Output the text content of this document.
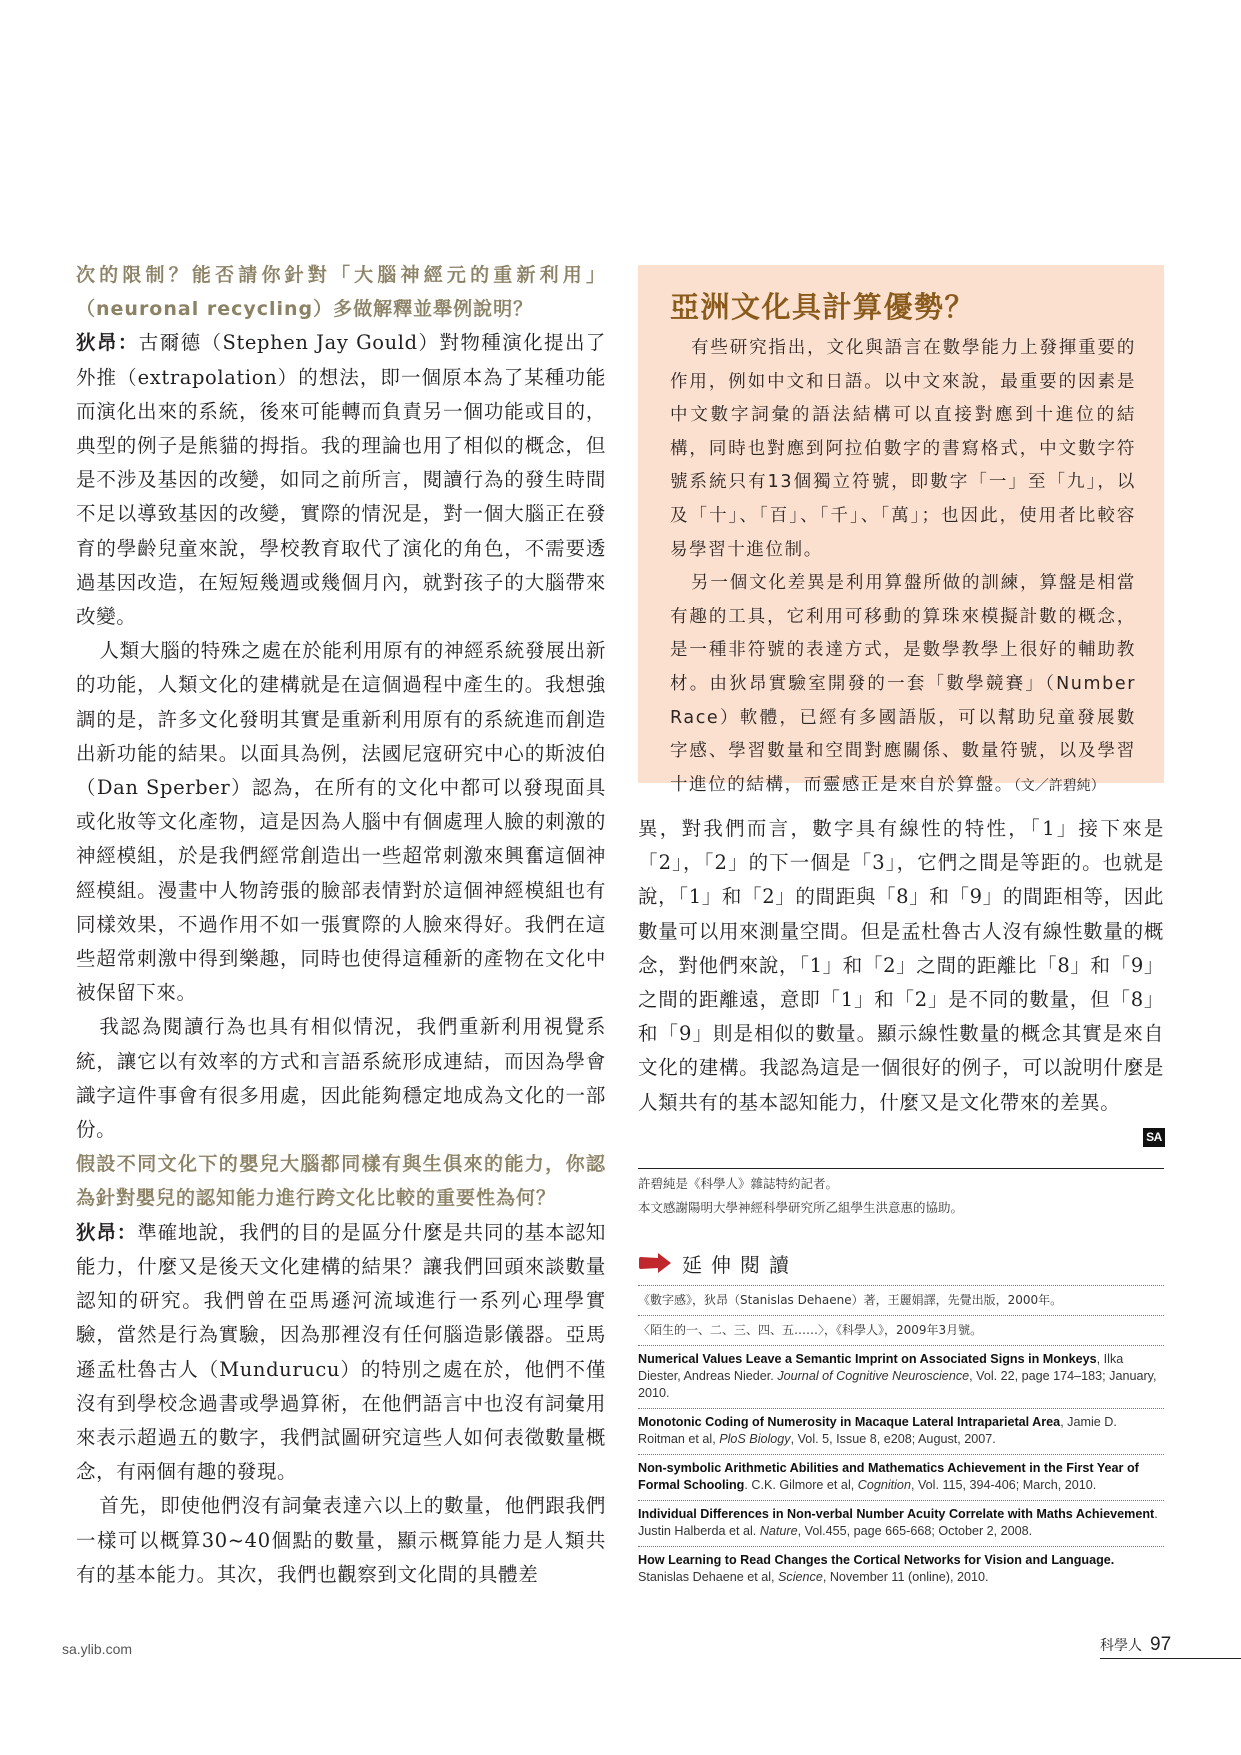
次的限制？能否請你針對「大腦神經元的重新利用」（neuronal recycling）多做解釋並舉例說明？

狄昂：古爾德（Stephen Jay Gould）對物種演化提出了外推（extrapolation）的想法，即一個原本為了某種功能而演化出來的系統，後來可能轉而負責另一個功能或目的，典型的例子是熊貓的拇指。我的理論也用了相似的概念，但是不涉及基因的改變，如同之前所言，閱讀行為的發生時間不足以導致基因的改變，實際的情況是，對一個大腦正在發育的學齡兒童來說，學校教育取代了演化的角色，不需要透過基因改造，在短短幾週或幾個月內，就對孩子的大腦帶來改變。

人類大腦的特殊之處在於能利用原有的神經系統發展出新的功能，人類文化的建構就是在這個過程中產生的。我想強調的是，許多文化發明其實是重新利用原有的系統進而創造出新功能的結果。以面具為例，法國尼寇研究中心的斯波伯（Dan Sperber）認為，在所有的文化中都可以發現面具或化妝等文化產物，這是因為人腦中有個處理人臉的刺激的神經模組，於是我們經常創造出一些超常刺激來興奮這個神經模組。漫畫中人物誇張的臉部表情對於這個神經模組也有同樣效果，不過作用不如一張實際的人臉來得好。我們在這些超常刺激中得到樂趣，同時也使得這種新的產物在文化中被保留下來。

我認為閱讀行為也具有相似情況，我們重新利用視覺系統，讓它以有效率的方式和言語系統形成連結，而因為學會識字這件事會有很多用處，因此能夠穩定地成為文化的一部份。

假設不同文化下的嬰兒大腦都同樣有與生俱來的能力，你認為針對嬰兒的認知能力進行跨文化比較的重要性為何？

狄昂：準確地說，我們的目的是區分什麼是共同的基本認知能力，什麼又是後天文化建構的結果？讓我們回頭來談數量認知的研究。我們曾在亞馬遜河流域進行一系列心理學實驗，當然是行為實驗，因為那裡沒有任何腦造影儀器。亞馬遜孟杜魯古人（Mundurucu）的特別之處在於，他們不僅沒有到學校念過書或學過算術，在他們語言中也沒有詞彙用來表示超過五的數字，我們試圖研究這些人如何表徵數量概念，有兩個有趣的發現。

首先，即使他們沒有詞彙表達六以上的數量，他們跟我們一樣可以概算30~40個點的數量，顯示概算能力是人類共有的基本能力。其次，我們也觀察到文化間的具體差

亞洲文化具計算優勢？

有些研究指出，文化與語言在數學能力上發揮重要的作用，例如中文和日語。以中文來說，最重要的因素是中文數字詞彙的語法結構可以直接對應到十進位的結構，同時也對應到阿拉伯數字的書寫格式，中文數字符號系統只有13個獨立符號，即數字「一」至「九」，以及「十」、「百」、「千」、「萬」；也因此，使用者比較容易學習十進位制。

另一個文化差異是利用算盤所做的訓練，算盤是相當有趣的工具，它利用可移動的算珠來模擬計數的概念，是一種非符號的表達方式，是數學教學上很好的輔助教材。由狄昂實驗室開發的一套「數學競賽」（Number Race）軟體，已經有多國語版，可以幫助兒童發展數字感、學習數量和空間對應關係、數量符號，以及學習十進位的結構，而靈感正是來自於算盤。（文／許碧純）

異，對我們而言，數字具有線性的特性，「1」接下來是「2」，「2」的下一個是「3」，它們之間是等距的。也就是說，「1」和「2」的間距與「8」和「9」的間距相等，因此數量可以用來測量空間。但是孟杜魯古人沒有線性數量的概念，對他們來說，「1」和「2」之間的距離比「8」和「9」之間的距離遠，意即「1」和「2」是不同的數量，但「8」和「9」則是相似的數量。顯示線性數量的概念其實是來自文化的建構。我認為這是一個很好的例子，可以說明什麼是人類共有的基本認知能力，什麼又是文化帶來的差異。

SA
許碧純是《科學人》雜誌特約記者。
本文感謝陽明大學神經科學研究所乙組學生洪意惠的協助。
延伸閱讀
《數字感》，狄昂（Stanislas Dehaene）著，王麗娟譯，先覺出版，2000年。
〈陌生的一、二、三、四、五……〉，《科學人》，2009年3月號。
Numerical Values Leave a Semantic Imprint on Associated Signs in Monkeys, Ilka Diester, Andreas Nieder. Journal of Cognitive Neuroscience, Vol. 22, page 174–183; January, 2010.
Monotonic Coding of Numerosity in Macaque Lateral Intraparietal Area, Jamie D. Roitman et al, PloS Biology, Vol. 5, Issue 8, e208; August, 2007.
Non-symbolic Arithmetic Abilities and Mathematics Achievement in the First Year of Formal Schooling. C.K. Gilmore et al, Cognition, Vol. 115, 394-406; March, 2010.
Individual Differences in Non-verbal Number Acuity Correlate with Maths Achievement. Justin Halberda et al. Nature, Vol.455, page 665-668; October 2, 2008.
How Learning to Read Changes the Cortical Networks for Vision and Language. Stanislas Dehaene et al, Science, November 11 (online), 2010.
sa.ylib.com	科學人 97
